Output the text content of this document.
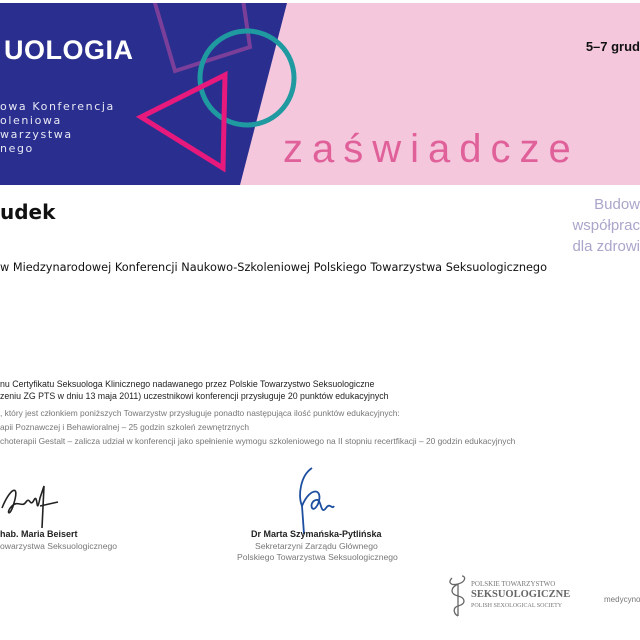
UOLOGIA
owa Konferencja
oleniowa
warzystwa
nego
5–7 grud
zaświadcze
udek
w Miedzynarodowej Konferencji Naukowo-Szkoleniowej Polskiego Towarzystwa Seksuologicznego
Budow
współprac
dla zdrowi
nu Certyfikatu Seksuologa Klinicznego nadawanego przez Polskie Towarzystwo Seksuologiczne
zeniu ZG PTS w dniu 13 maja 2011) uczestnikowi konferencji przysługuje 20 punktów edukacyjnych
, który jest członkiem poniższych Towarzystw przysługuje ponadto następująca ilość punktów edukacyjnych:
apii Poznawczej i Behawioralnej – 25 godzin szkoleń zewnętrznych
choterapii Gestalt – zalicza udział w konferencji jako spełnienie wymogu szkoleniowego na II stopniu recertfikacji – 20 godzin edukacyjnych
hab. Maria Beisert
owarzystwa Seksuologicznego
Dr Marta Szymańska-Pytlińska
Sekretarzyni Zarządu Głównego
Polskiego Towarzystwa Seksuologicznego
POLSKIE TOWARZYSTWO
SEKSUOLOGICZNE
POLISH SEXOLOGICAL SOCIETY
medycyno
